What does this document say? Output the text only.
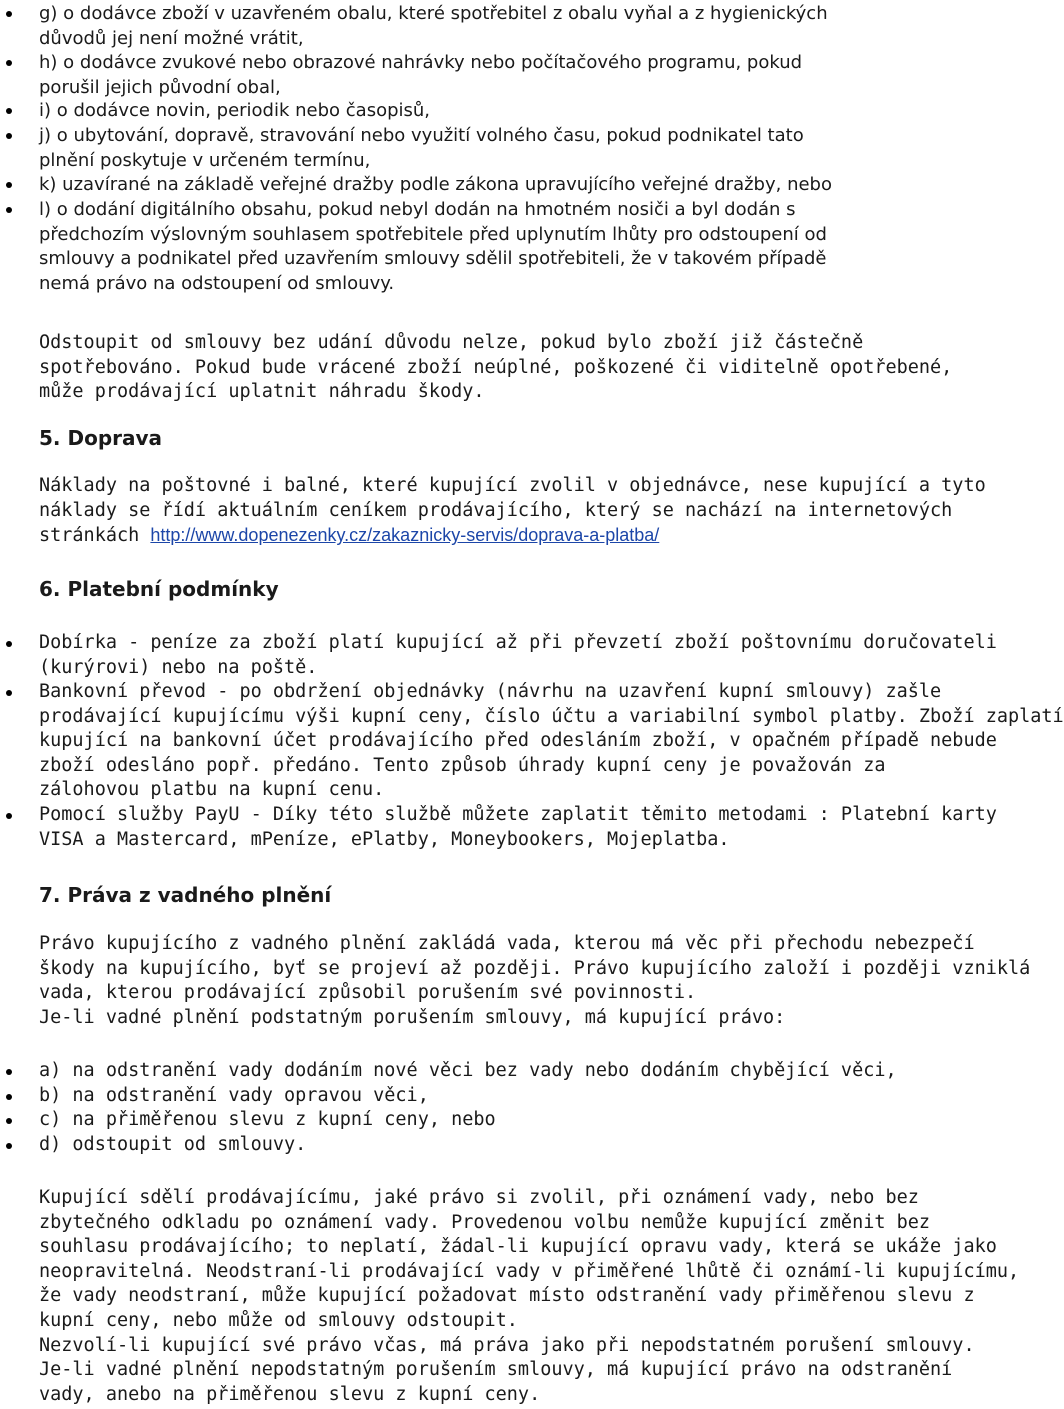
g) o dodávce zboží v uzavřeném obalu, které spotřebitel z obalu vyňal a z hygienických
důvodů jej není možné vrátit,
h) o dodávce zvukové nebo obrazové nahrávky nebo počítačového programu, pokud
porušil jejich původní obal,
i) o dodávce novin, periodik nebo časopisů,
j) o ubytování, dopravě, stravování nebo využití volného času, pokud podnikatel tato
plnění poskytuje v určeném termínu,
k) uzavírané na základě veřejné dražby podle zákona upravujícího veřejné dražby, nebo
l) o dodání digitálního obsahu, pokud nebyl dodán na hmotném nosiči a byl dodán s
předchozím výslovným souhlasem spotřebitele před uplynutím lhůty pro odstoupení od
smlouvy a podnikatel před uzavřením smlouvy sdělil spotřebiteli, že v takovém případě
nemá právo na odstoupení od smlouvy.
Odstoupit od smlouvy bez udání důvodu nelze, pokud bylo zboží již částečně
spotřebováno. Pokud bude vrácené zboží neúplné, poškozené či viditelně opotřebené,
může prodávající uplatnit náhradu škody.
5. Doprava
Náklady na poštovné i balné, které kupující zvolil v objednávce, nese kupující a tyto
náklady se řídí aktuálním ceníkem prodávajícího, který se nachází na internetových
stránkách http://www.dopenezenky.cz/zakaznicky-servis/doprava-a-platba/
6. Platební podmínky
Dobírka - peníze za zboží platí kupující až při převzetí zboží poštovnímu doručovateli
(kurýrovi) nebo na poště.
Bankovní převod - po obdržení objednávky (návrhu na uzavření kupní smlouvy) zašle
prodávající kupujícímu výši kupní ceny, číslo účtu a variabilní symbol platby. Zboží zaplatí
kupující na bankovní účet prodávajícího před odesláním zboží, v opačném případě nebude
zboží odesláno popř. předáno. Tento způsob úhrady kupní ceny je považován za
zálohovou platbu na kupní cenu.
Pomocí služby PayU - Díky této službě můžete zaplatit těmito metodami : Platební karty
VISA a Mastercard, mPeníze, ePlatby, Moneybookers, Mojeplatba.
7. Práva z vadného plnění
Právo kupujícího z vadného plnění zakládá vada, kterou má věc při přechodu nebezpečí
škody na kupujícího, byť se projeví až později. Právo kupujícího založí i později vzniklá
vada, kterou prodávající způsobil porušením své povinnosti.
Je-li vadné plnění podstatným porušením smlouvy, má kupující právo:
a) na odstranění vady dodáním nové věci bez vady nebo dodáním chybějící věci,
b) na odstranění vady opravou věci,
c) na přiměřenou slevu z kupní ceny, nebo
d) odstoupit od smlouvy.
Kupující sdělí prodávajícímu, jaké právo si zvolil, při oznámení vady, nebo bez
zbytečného odkladu po oznámení vady. Provedenou volbu nemůže kupující změnit bez
souhlasu prodávajícího; to neplatí, žádal-li kupující opravu vady, která se ukáže jako
neopravitelná. Neodstraní-li prodávající vady v přiměřené lhůtě či oznámí-li kupujícímu,
že vady neodstraní, může kupující požadovat místo odstranění vady přiměřenou slevu z
kupní ceny, nebo může od smlouvy odstoupit.
Nezvolí-li kupující své právo včas, má práva jako při nepodstatném porušení smlouvy.
Je-li vadné plnění nepodstatným porušením smlouvy, má kupující právo na odstranění
vady, anebo na přiměřenou slevu z kupní ceny.
